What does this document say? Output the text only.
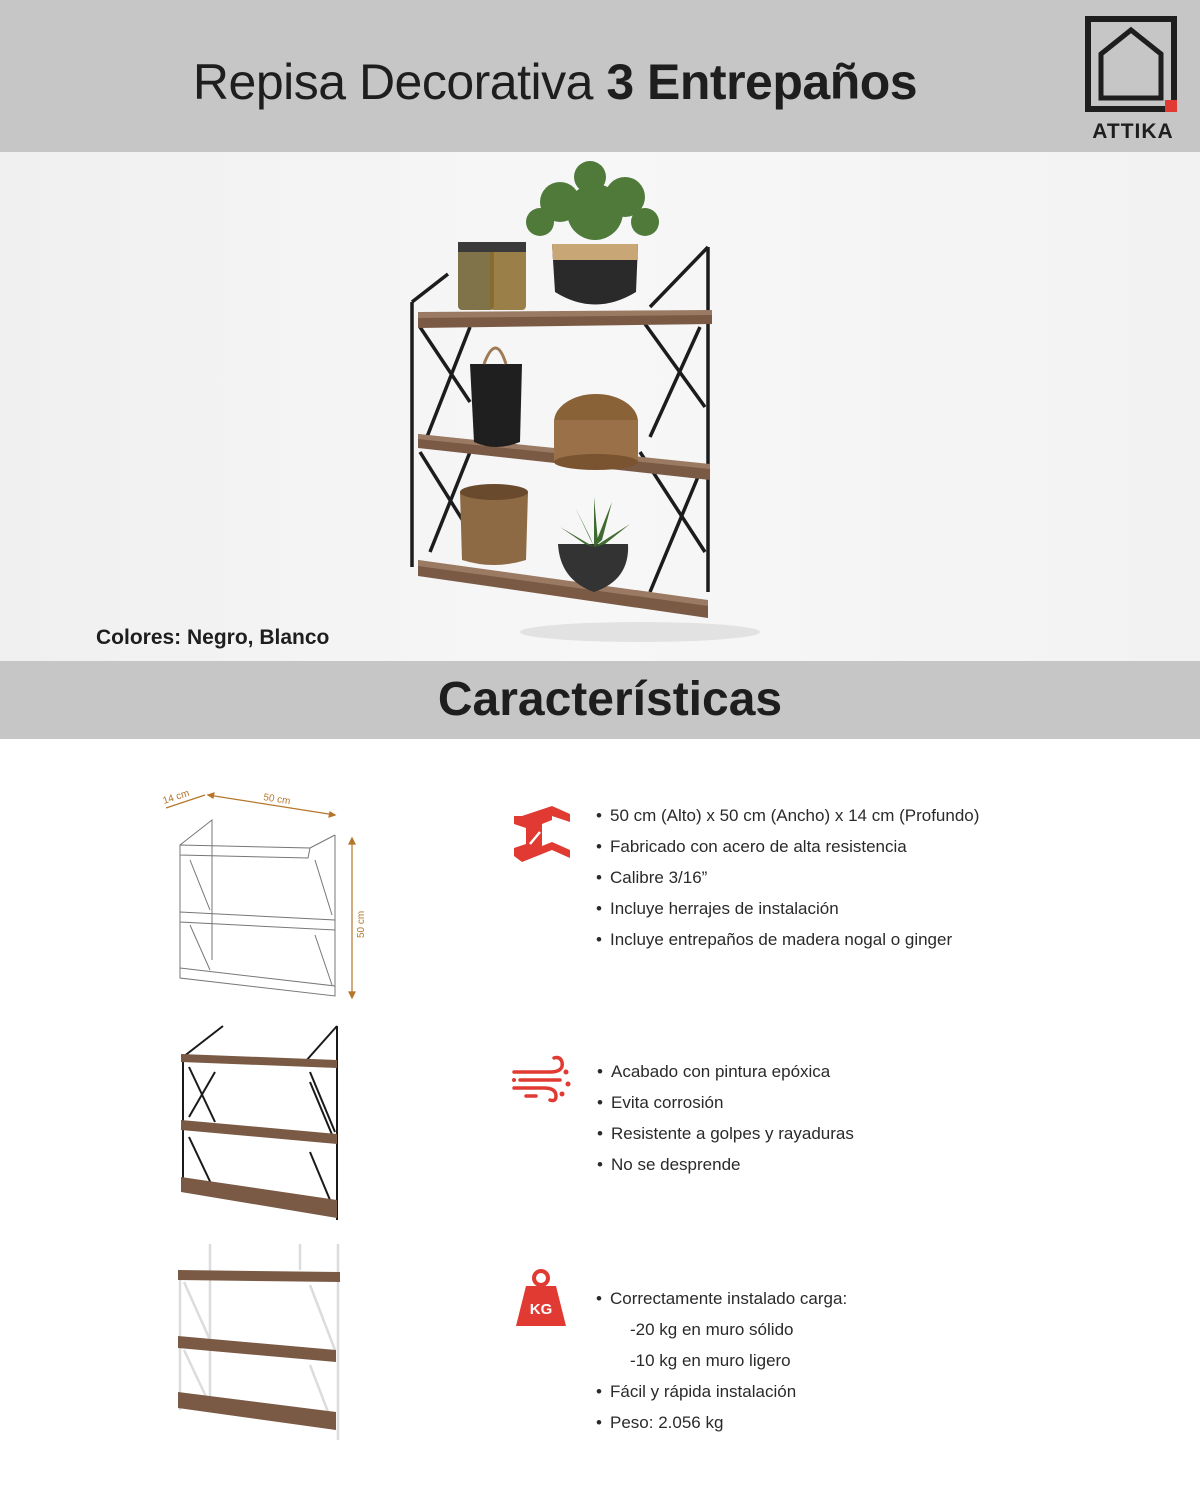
Repisa Decorativa 3 Entrepaños
ATTIKA
Colores: Negro, Blanco
Características
14 cm	50 cm
50 cm
KG
• 50 cm (Alto) x 50 cm (Ancho) x 14 cm (Profundo)
• Fabricado con acero de alta resistencia
• Calibre 3/16”
• Incluye herrajes de instalación
• Incluye entrepaños de madera nogal o ginger
• Acabado con pintura epóxica
• Evita corrosión
• Resistente a golpes y rayaduras
• No se desprende
• Correctamente instalado carga:
-20 kg en muro sólido
-10 kg en muro ligero
• Fácil y rápida instalación
• Peso: 2.056 kg
